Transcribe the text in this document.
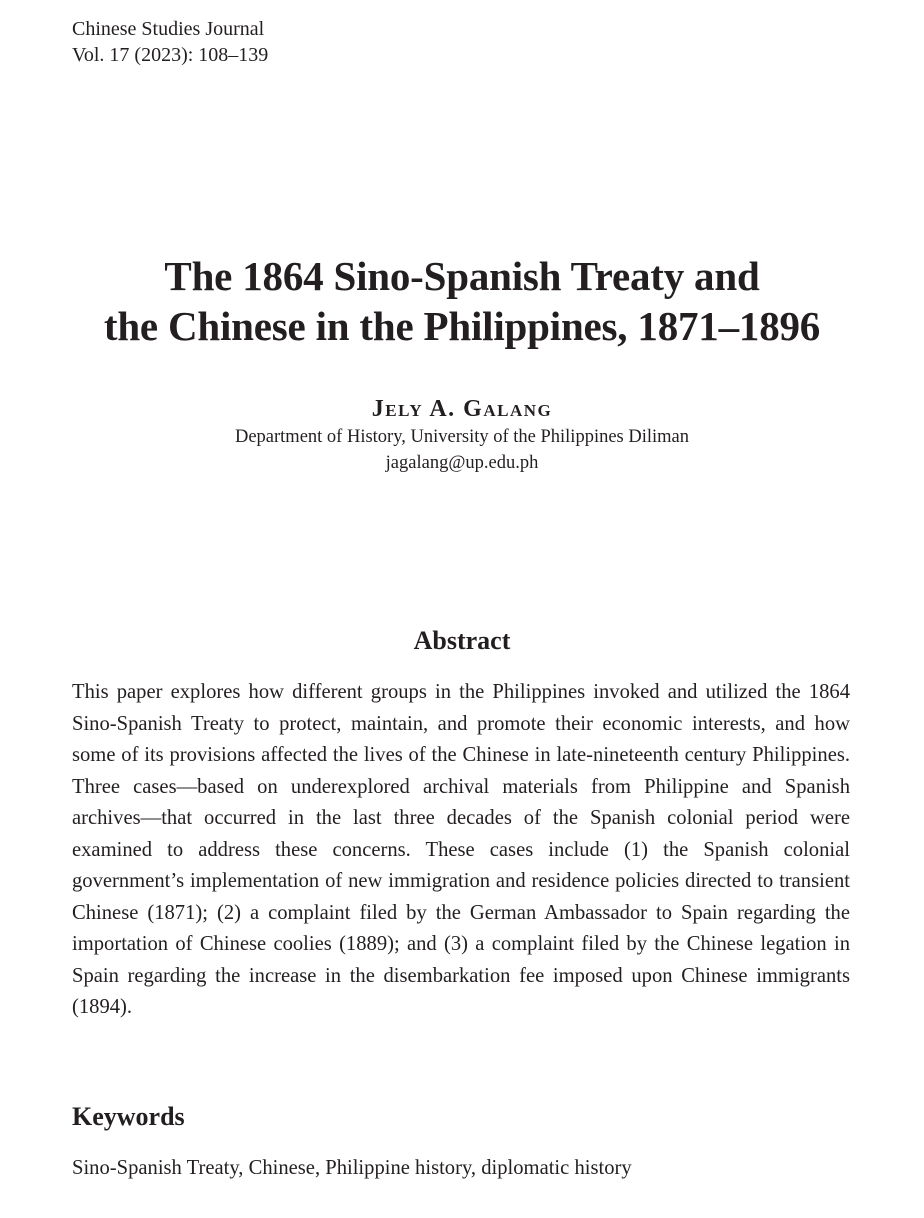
Chinese Studies Journal
Vol. 17 (2023): 108–139
The 1864 Sino-Spanish Treaty and
the Chinese in the Philippines, 1871–1896
Jely A. Galang
Department of History, University of the Philippines Diliman
jagalang@up.edu.ph
Abstract

This paper explores how different groups in the Philippines invoked and utilized the 1864 Sino-Spanish Treaty to protect, maintain, and promote their economic interests, and how some of its provisions affected the lives of the Chinese in late-nineteenth century Philippines. Three cases—based on underexplored archival materials from Philippine and Spanish archives—that occurred in the last three decades of the Spanish colonial period were examined to address these concerns. These cases include (1) the Spanish colonial government’s implementation of new immigration and residence policies directed to transient Chinese (1871); (2) a complaint filed by the German Ambassador to Spain regarding the importation of Chinese coolies (1889); and (3) a complaint filed by the Chinese legation in Spain regarding the increase in the disembarkation fee imposed upon Chinese immigrants (1894).

Keywords
Sino-Spanish Treaty, Chinese, Philippine history, diplomatic history
